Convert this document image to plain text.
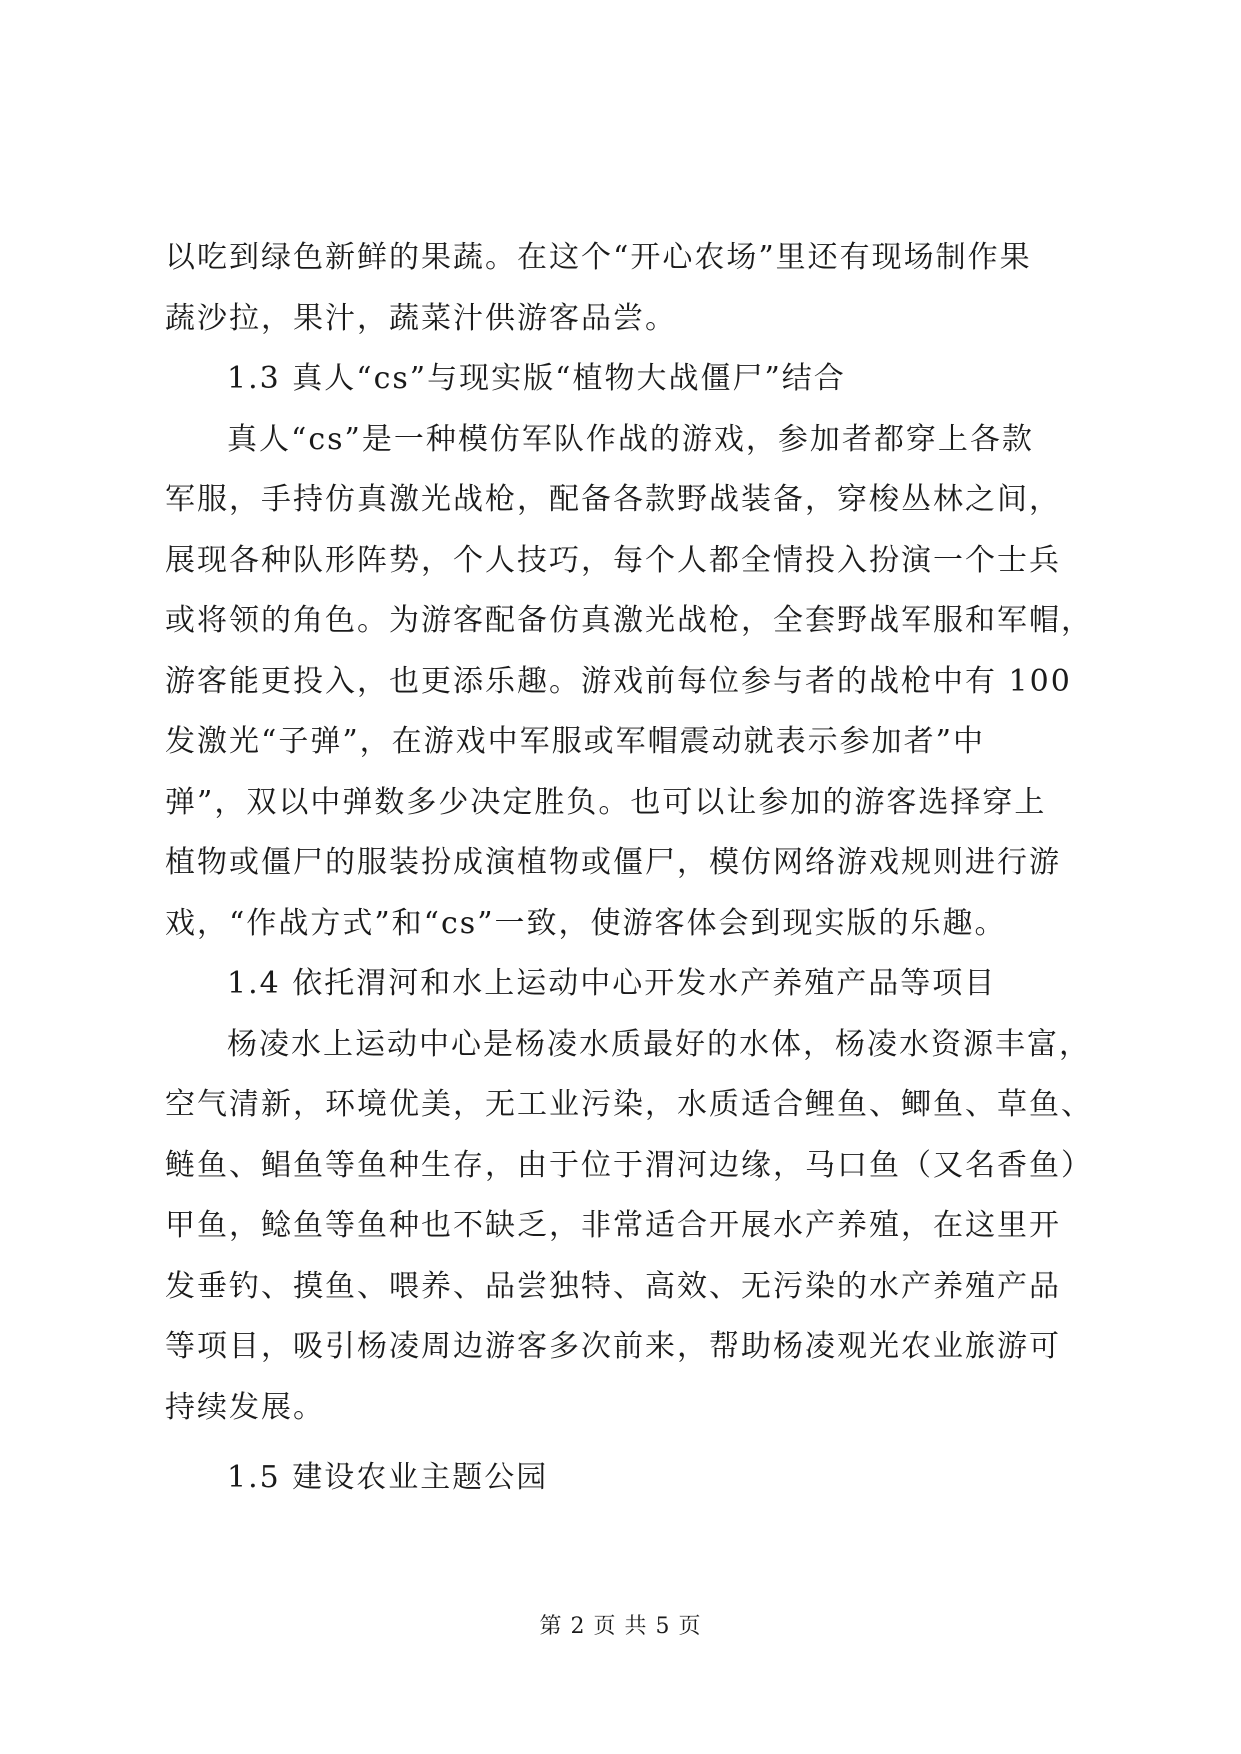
以吃到绿色新鲜的果蔬。在这个“开心农场”里还有现场制作果
蔬沙拉，果汁，蔬菜汁供游客品尝。
1.3 真人“cs”与现实版“植物大战僵尸”结合
真人“cs”是一种模仿军队作战的游戏，参加者都穿上各款
军服，手持仿真激光战枪，配备各款野战装备，穿梭丛林之间，
展现各种队形阵势，个人技巧，每个人都全情投入扮演一个士兵
或将领的角色。为游客配备仿真激光战枪，全套野战军服和军帽，
游客能更投入，也更添乐趣。游戏前每位参与者的战枪中有 100
发激光“子弹”，在游戏中军服或军帽震动就表示参加者”中
弹”，双以中弹数多少决定胜负。也可以让参加的游客选择穿上
植物或僵尸的服装扮成演植物或僵尸，模仿网络游戏规则进行游
戏，“作战方式”和“cs”一致，使游客体会到现实版的乐趣。
1.4 依托渭河和水上运动中心开发水产养殖产品等项目
杨凌水上运动中心是杨凌水质最好的水体，杨凌水资源丰富，
空气清新，环境优美，无工业污染，水质适合鲤鱼、鲫鱼、草鱼、
鲢鱼、鲳鱼等鱼种生存，由于位于渭河边缘，马口鱼（又名香鱼）
甲鱼，鲶鱼等鱼种也不缺乏，非常适合开展水产养殖，在这里开
发垂钓、摸鱼、喂养、品尝独特、高效、无污染的水产养殖产品
等项目，吸引杨凌周边游客多次前来，帮助杨凌观光农业旅游可
持续发展。
1.5 建设农业主题公园
第 2 页 共 5 页
